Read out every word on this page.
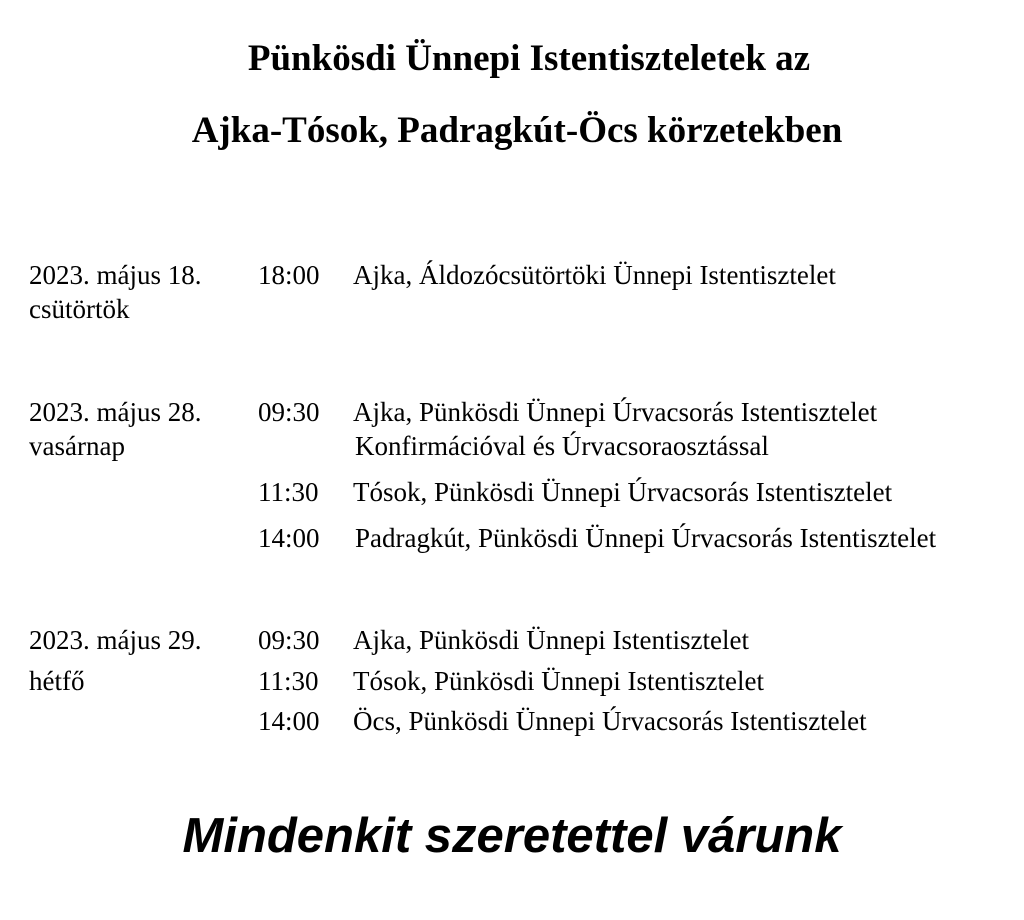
Pünkösdi Ünnepi Istentiszteletek az
Ajka-Tósok, Padragkút-Öcs körzetekben
2023. május 18.
csütörtök
18:00 Ajka, Áldozócsütörtöki Ünnepi Istentisztelet
2023. május 28.
vasárnap
09:30 Ajka, Pünkösdi Ünnepi Úrvacsorás Istentisztelet
Konfirmációval és Úrvacsoraosztással
11:30 Tósok, Pünkösdi Ünnepi Úrvacsorás Istentisztelet
14:00 Padragkút, Pünkösdi Ünnepi Úrvacsorás Istentisztelet
2023. május 29.
hétfő
09:30 Ajka, Pünkösdi Ünnepi Istentisztelet
11:30 Tósok, Pünkösdi Ünnepi Istentisztelet
14:00 Öcs, Pünkösdi Ünnepi Úrvacsorás Istentisztelet
Mindenkit szeretettel várunk
